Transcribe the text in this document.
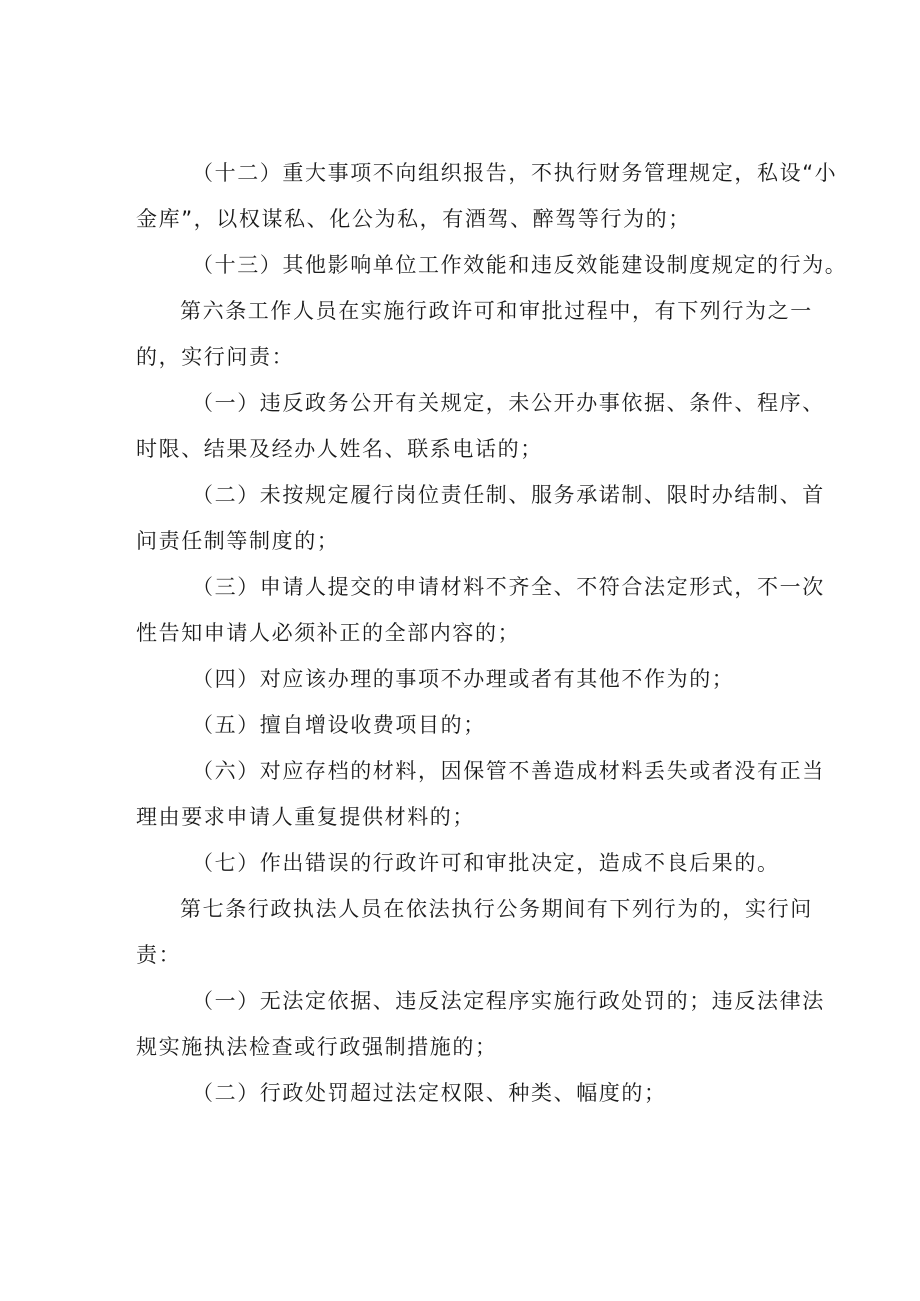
（十二）重大事项不向组织报告，不执行财务管理规定，私设“小
金库”，以权谋私、化公为私，有酒驾、醉驾等行为的；
（十三）其他影响单位工作效能和违反效能建设制度规定的行为。
第六条工作人员在实施行政许可和审批过程中，有下列行为之一
的，实行问责：
（一）违反政务公开有关规定，未公开办事依据、条件、程序、
时限、结果及经办人姓名、联系电话的；
（二）未按规定履行岗位责任制、服务承诺制、限时办结制、首
问责任制等制度的；
（三）申请人提交的申请材料不齐全、不符合法定形式，不一次
性告知申请人必须补正的全部内容的；
（四）对应该办理的事项不办理或者有其他不作为的；
（五）擅自增设收费项目的；
（六）对应存档的材料，因保管不善造成材料丢失或者没有正当
理由要求申请人重复提供材料的；
（七）作出错误的行政许可和审批决定，造成不良后果的。
第七条行政执法人员在依法执行公务期间有下列行为的，实行问
责：
（一）无法定依据、违反法定程序实施行政处罚的；违反法律法
规实施执法检查或行政强制措施的；
（二）行政处罚超过法定权限、种类、幅度的；
